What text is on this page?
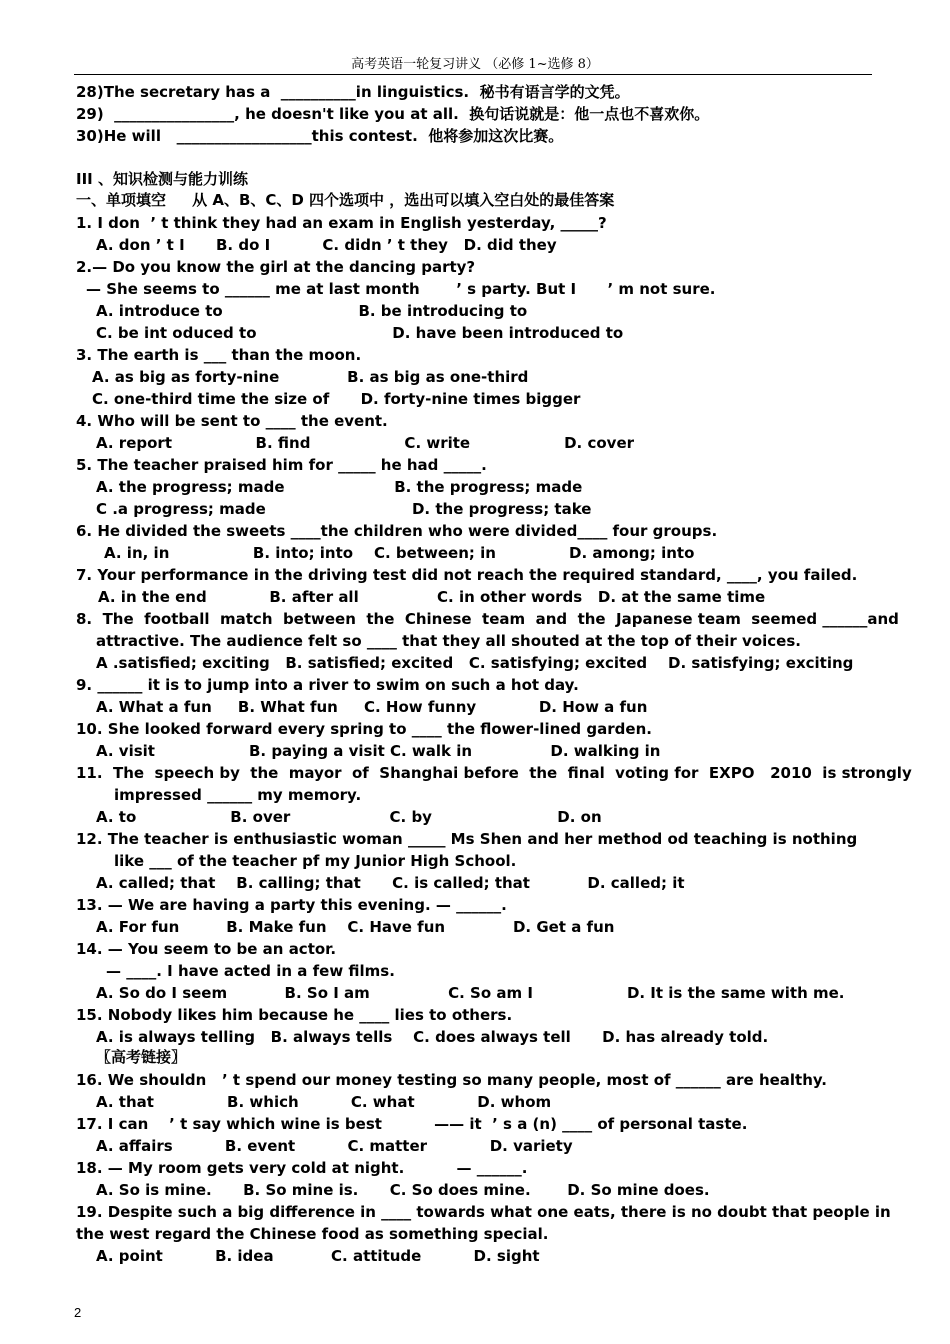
高考英语一轮复习讲义 （必修 1~选修 8）
28)The secretary has a  __________in linguistics.  秘书有语言学的文凭。
29)  ________________, he doesn't like you at all.  换句话说就是：他一点也不喜欢你。
30)He will   __________________this contest.  他将参加这次比赛。
III 、知识检测与能力训练
一、单项填空     从 A、B、C、D 四个选项中 ，选出可以填入空白处的最佳答案
1. I don  ’ t think they had an exam in English yesterday, _____?
A. don ’ t I      B. do I          C. didn ’ t they   D. did they
2.— Do you know the girl at the dancing party?
— She seems to ______ me at last month       ’ s party. But I      ’ m not sure.
A. introduce to                          B. be introducing to
C. be int oduced to                          D. have been introduced to
3. The earth is ___ than the moon.
A. as big as forty-nine             B. as big as one-third
C. one-third time the size of      D. forty-nine times bigger
4. Who will be sent to ____ the event.
A. report                B. find                  C. write                  D. cover
5. The teacher praised him for _____ he had _____.
A. the progress; made                     B. the progress; made
C .a progress; made                            D. the progress; take
6. He divided the sweets ____the children who were divided____ four groups.
A. in, in                B. into; into    C. between; in              D. among; into
7. Your performance in the driving test did not reach the required standard, ____, you failed.
A. in the end            B. after all               C. in other words   D. at the same time
8.  The  football  match  between  the  Chinese  team  and  the  Japanese team  seemed ______and
attractive. The audience felt so ____ that they all shouted at the top of their voices.
A .satisfied; exciting   B. satisfied; excited   C. satisfying; excited    D. satisfying; exciting
9. ______ it is to jump into a river to swim on such a hot day.
A. What a fun     B. What fun     C. How funny            D. How a fun
10. She looked forward every spring to ____ the flower-lined garden.
A. visit                  B. paying a visit C. walk in               D. walking in
11.  The  speech by  the  mayor  of  Shanghai before  the  final  voting for  EXPO   2010  is strongly
impressed ______ my memory.
A. to                  B. over                   C. by                        D. on
12. The teacher is enthusiastic woman _____ Ms Shen and her method od teaching is nothing
like ___ of the teacher pf my Junior High School.
A. called; that    B. calling; that      C. is called; that           D. called; it
13. — We are having a party this evening. — ______.
A. For fun         B. Make fun    C. Have fun             D. Get a fun
14. — You seem to be an actor.
— ____. I have acted in a few films.
A. So do I seem           B. So I am               C. So am I                  D. It is the same with me.
15. Nobody likes him because he ____ lies to others.
A. is always telling   B. always tells    C. does always tell      D. has already told.
〖高考链接〗
16. We shouldn   ’ t spend our money testing so many people, most of ______ are healthy.
A. that              B. which          C. what            D. whom
17. I can    ’ t say which wine is best          —— it  ’ s a (n) ____ of personal taste.
A. affairs          B. event          C. matter            D. variety
18. — My room gets very cold at night.          — ______.
A. So is mine.      B. So mine is.      C. So does mine.       D. So mine does.
19. Despite such a big difference in ____ towards what one eats, there is no doubt that people in
the west regard the Chinese food as something special.
A. point          B. idea           C. attitude          D. sight
2
